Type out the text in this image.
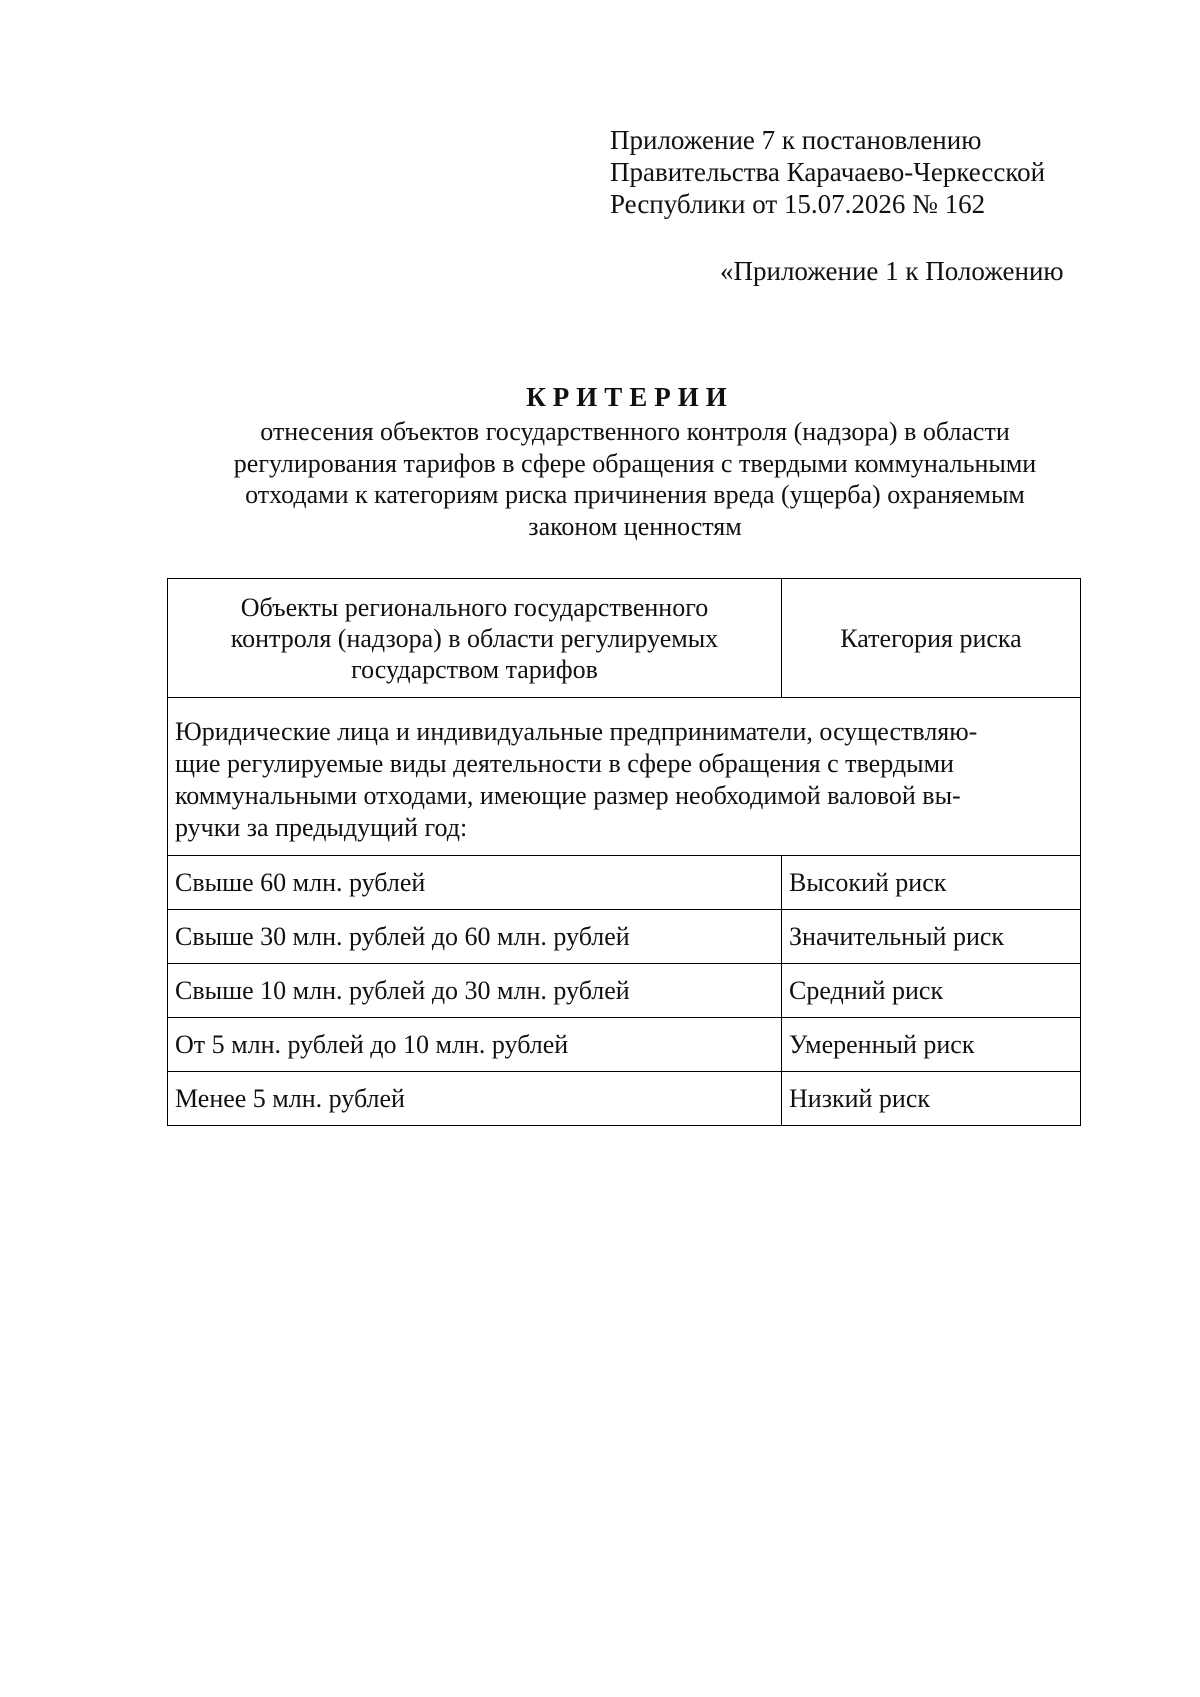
Приложение 7 к постановлению
Правительства Карачаево-Черкесской
Республики от 15.07.2026 № 162
«Приложение 1 к Положению
КРИТЕРИИ
отнесения объектов государственного контроля (надзора) в области
регулирования тарифов в сфере обращения с твердыми коммунальными
отходами к категориям риска причинения вреда (ущерба) охраняемым
законом ценностям
Объекты регионального государственного
контроля (надзора) в области регулируемых
государством тарифов	Категория риска

Юридические лица и индивидуальные предприниматели, осуществляю-
щие регулируемые виды деятельности в сфере обращения с твердыми
коммунальными отходами, имеющие размер необходимой валовой вы-
ручки за предыдущий год:	

Свыше 60 млн. рублей	Высокий риск
Свыше 30 млн. рублей до 60 млн. рублей	Значительный риск
Свыше 10 млн. рублей до 30 млн. рублей	Средний риск
От 5 млн. рублей до 10 млн. рублей	Умеренный риск
Менее 5 млн. рублей	Низкий риск
